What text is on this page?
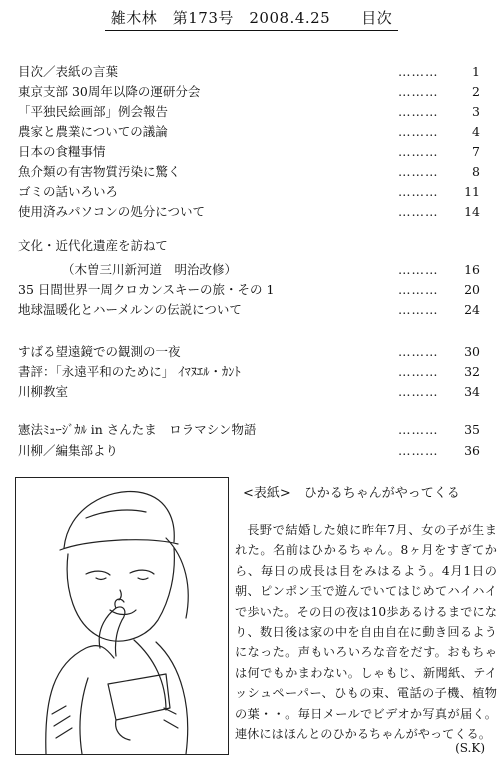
雑木林　第173号　2008.4.25　　目次
目次／表紙の言葉	………	1
東京支部 30周年以降の運研分会	………	2
「平独民絵画部」例会報告	………	3
農家と農業についての議論	………	4
日本の食糧事情	………	7
魚介類の有害物質汚染に驚く	………	8
ゴミの話いろいろ	………	11
使用済みパソコンの処分について	………	14
文化・近代化遺産を訪ねて
（木曽三川新河道　明治改修）	………	16
35 日間世界一周クロカンスキーの旅・その 1	………	20
地球温暖化とハーメルンの伝説について	………	24
すばる望遠鏡での観測の一夜	………	30
書評：「永遠平和のために」 ｲﾏﾇｴﾙ・ｶﾝﾄ	………	32
川柳教室	………	34
憲法ﾐｭｰｼﾞｶﾙ in さんたま　ロラマシン物語	………	35
川柳／編集部より	………	36
<表紙>　ひかるちゃんがやってくる
長野で結婚した娘に昨年7月、女の子が生まれた。名前はひかるちゃん。8ヶ月をすぎてから、毎日の成長は目をみはるよう。4月1日の朝、ピンポン玉で遊んでいてはじめてハイハイで歩いた。その日の夜は10歩あるけるまでになり、数日後は家の中を自由自在に動き回るようになった。声もいろいろな音をだす。おもちゃは何でもかまわない。しゃもじ、新聞紙、テイッシュペーパー、ひもの束、電話の子機、植物の葉・・。毎日メールでビデオか写真が届く。連休にはほんとのひかるちゃんがやってくる。
(S.K)
